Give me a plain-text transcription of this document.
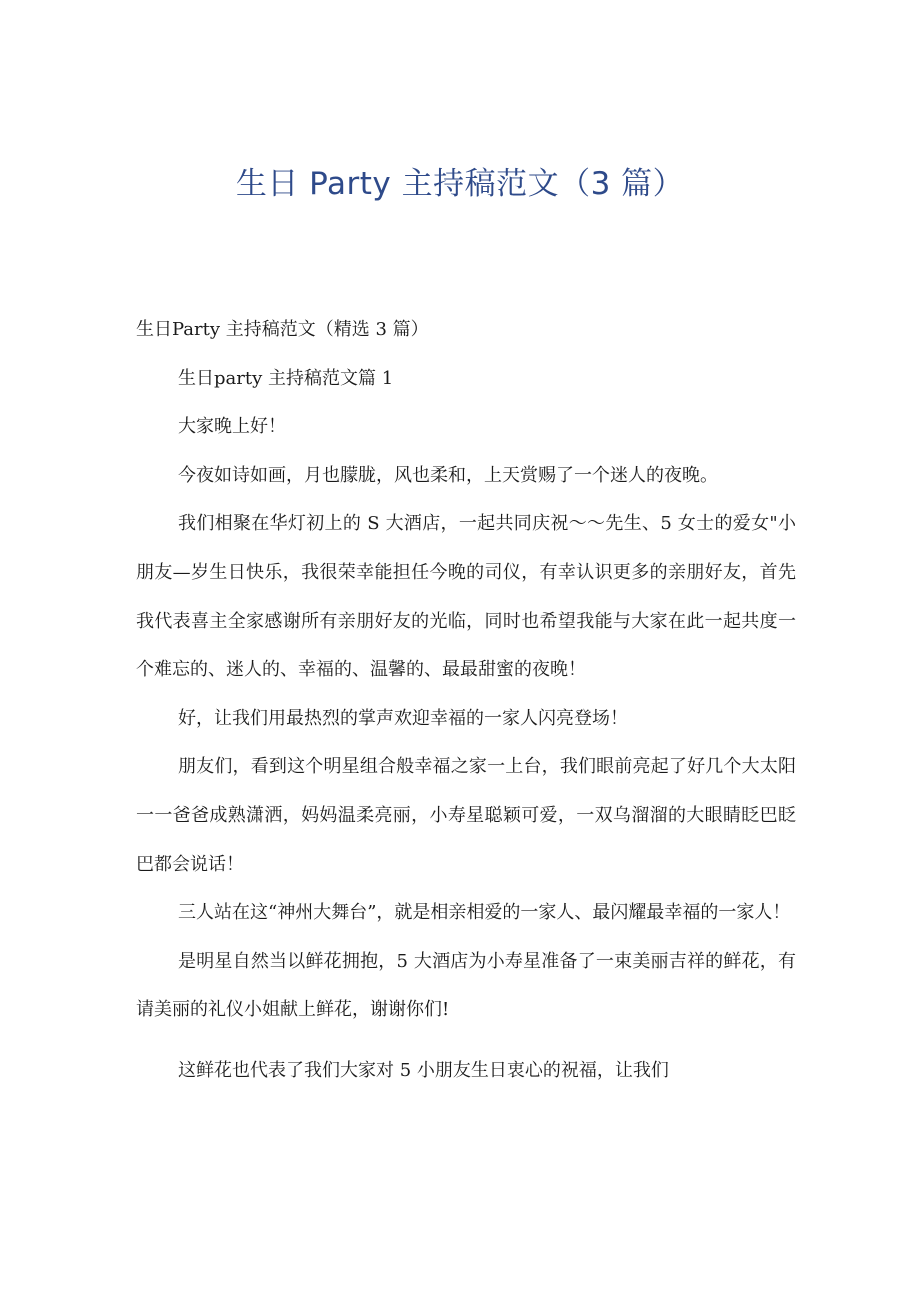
生日 Party 主持稿范文（3 篇）

生日Party 主持稿范文（精选 3 篇）

生日party 主持稿范文篇 1

大家晚上好！

今夜如诗如画，月也朦胧，风也柔和，上天赏赐了一个迷人的夜晚。

我们相聚在华灯初上的 S 大酒店，一起共同庆祝～～先生、5 女士的爱女"小朋友—岁生日快乐，我很荣幸能担任今晚的司仪，有幸认识更多的亲朋好友，首先我代表喜主全家感谢所有亲朋好友的光临，同时也希望我能与大家在此一起共度一个难忘的、迷人的、幸福的、温馨的、最最甜蜜的夜晚！

好，让我们用最热烈的掌声欢迎幸福的一家人闪亮登场！

朋友们，看到这个明星组合般幸福之家一上台，我们眼前亮起了好几个大太阳一一爸爸成熟潇洒，妈妈温柔亮丽，小寿星聪颖可爱，一双乌溜溜的大眼睛眨巴眨巴都会说话！

三人站在这“神州大舞台”，就是相亲相爱的一家人、最闪耀最幸福的一家人！

是明星自然当以鲜花拥抱，5 大酒店为小寿星准备了一束美丽吉祥的鲜花，有请美丽的礼仪小姐献上鲜花，谢谢你们!

这鲜花也代表了我们大家对 5 小朋友生日衷心的祝福，让我们
